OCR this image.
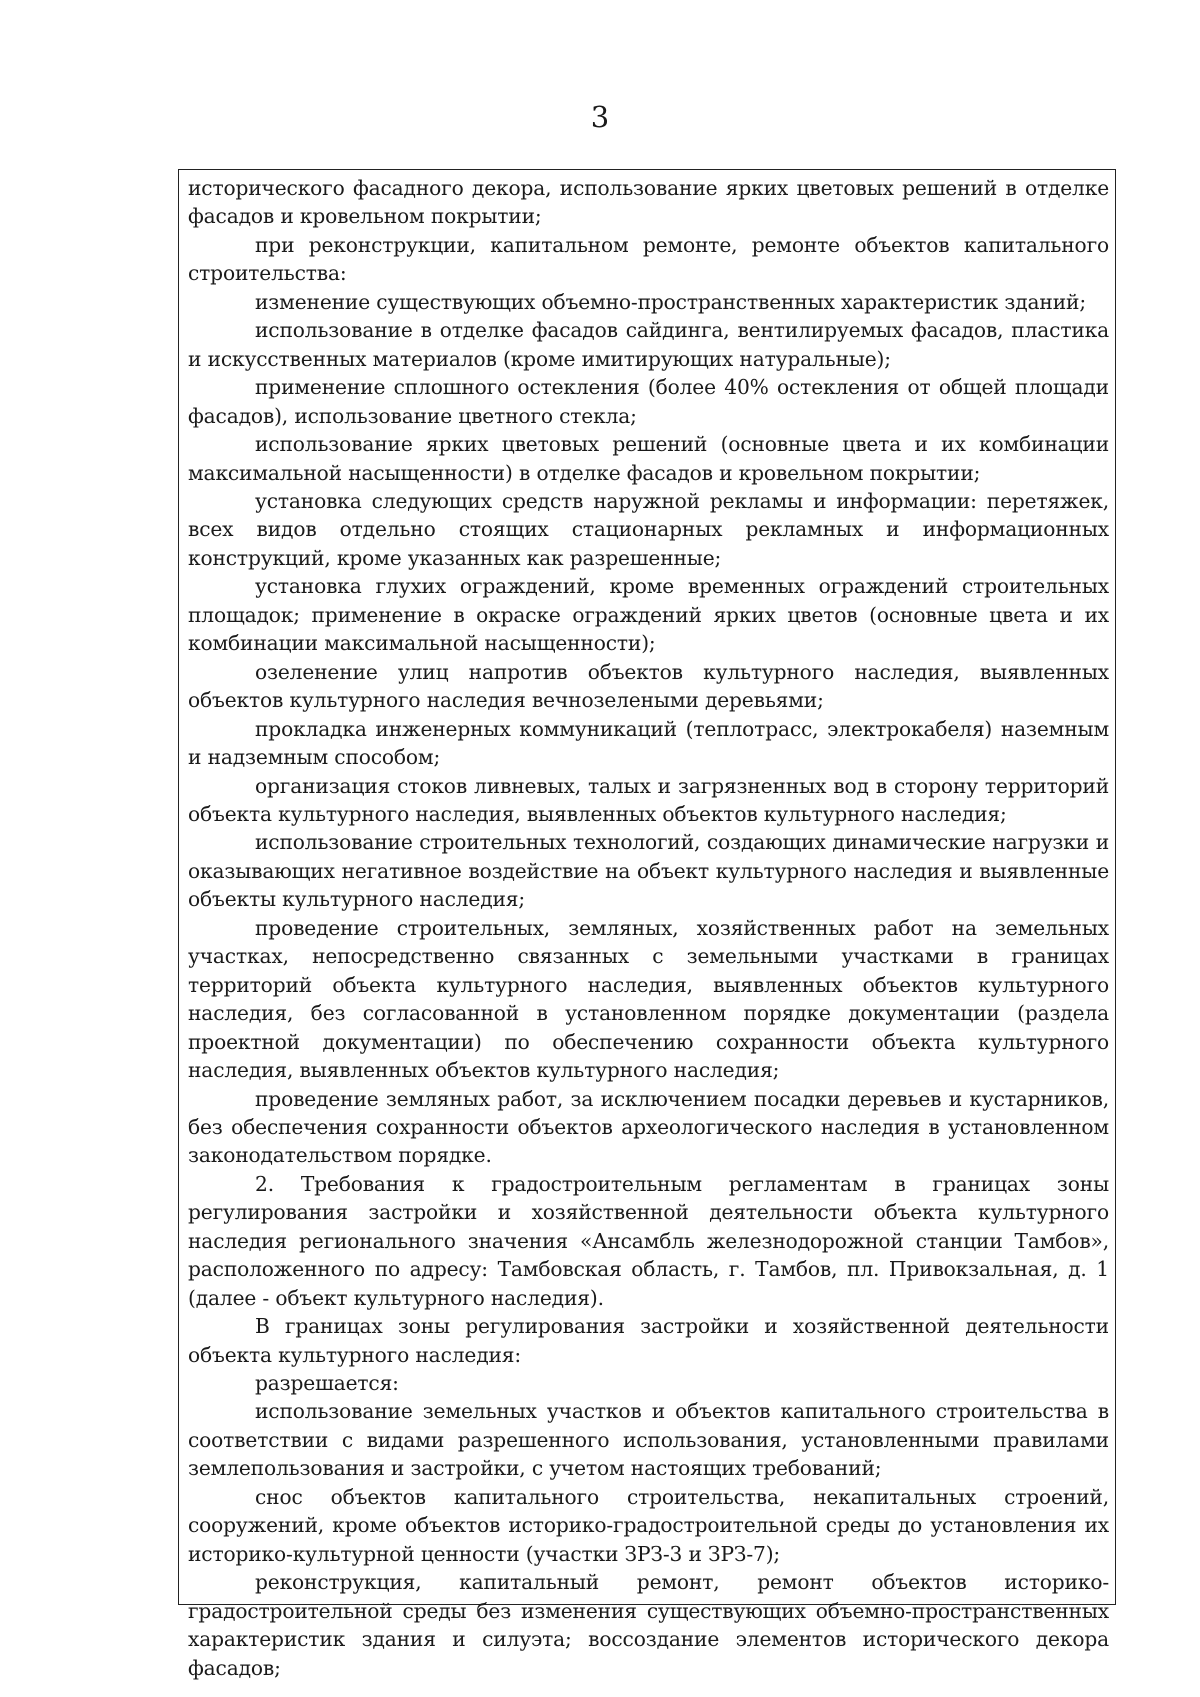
3

исторического фасадного декора, использование ярких цветовых решений в отделке фасадов и кровельном покрытии;

при реконструкции, капитальном ремонте, ремонте объектов капитального строительства:

изменение существующих объемно-пространственных характеристик зданий;

использование в отделке фасадов сайдинга, вентилируемых фасадов, пластика и искусственных материалов (кроме имитирующих натуральные);

применение сплошного остекления (более 40% остекления от общей площади фасадов), использование цветного стекла;

использование ярких цветовых решений (основные цвета и их комбинации максимальной насыщенности) в отделке фасадов и кровельном покрытии;

установка следующих средств наружной рекламы и информации: перетяжек, всех видов отдельно стоящих стационарных рекламных и информационных конструкций, кроме указанных как разрешенные;

установка глухих ограждений, кроме временных ограждений строительных площадок; применение в окраске ограждений ярких цветов (основные цвета и их комбинации максимальной насыщенности);

озеленение улиц напротив объектов культурного наследия, выявленных объектов культурного наследия вечнозелеными деревьями;

прокладка инженерных коммуникаций (теплотрасс, электрокабеля) наземным и надземным способом;

организация стоков ливневых, талых и загрязненных вод в сторону территорий объекта культурного наследия, выявленных объектов культурного наследия;

использование строительных технологий, создающих динамические нагрузки и оказывающих негативное воздействие на объект культурного наследия и выявленные объекты культурного наследия;

проведение строительных, земляных, хозяйственных работ на земельных участках, непосредственно связанных с земельными участками в границах территорий объекта культурного наследия, выявленных объектов культурного наследия, без согласованной в установленном порядке документации (раздела проектной документации) по обеспечению сохранности объекта культурного наследия, выявленных объектов культурного наследия;

проведение земляных работ, за исключением посадки деревьев и кустарников, без обеспечения сохранности объектов археологического наследия в установленном законодательством порядке.

2. Требования к градостроительным регламентам в границах зоны регулирования застройки и хозяйственной деятельности объекта культурного наследия регионального значения «Ансамбль железнодорожной станции Тамбов», расположенного по адресу: Тамбовская область, г. Тамбов, пл. Привокзальная, д. 1 (далее - объект культурного наследия).

В границах зоны регулирования застройки и хозяйственной деятельности объекта культурного наследия:

разрешается:

использование земельных участков и объектов капитального строительства в соответствии с видами разрешенного использования, установленными правилами землепользования и застройки, с учетом настоящих требований;

снос объектов капитального строительства, некапитальных строений, сооружений, кроме объектов историко-градостроительной среды до установления их историко-культурной ценности (участки ЗРЗ-3 и ЗРЗ-7);

реконструкция, капитальный ремонт, ремонт объектов историко-градостроительной среды без изменения существующих объемно-пространственных характеристик здания и силуэта; воссоздание элементов исторического декора фасадов;
